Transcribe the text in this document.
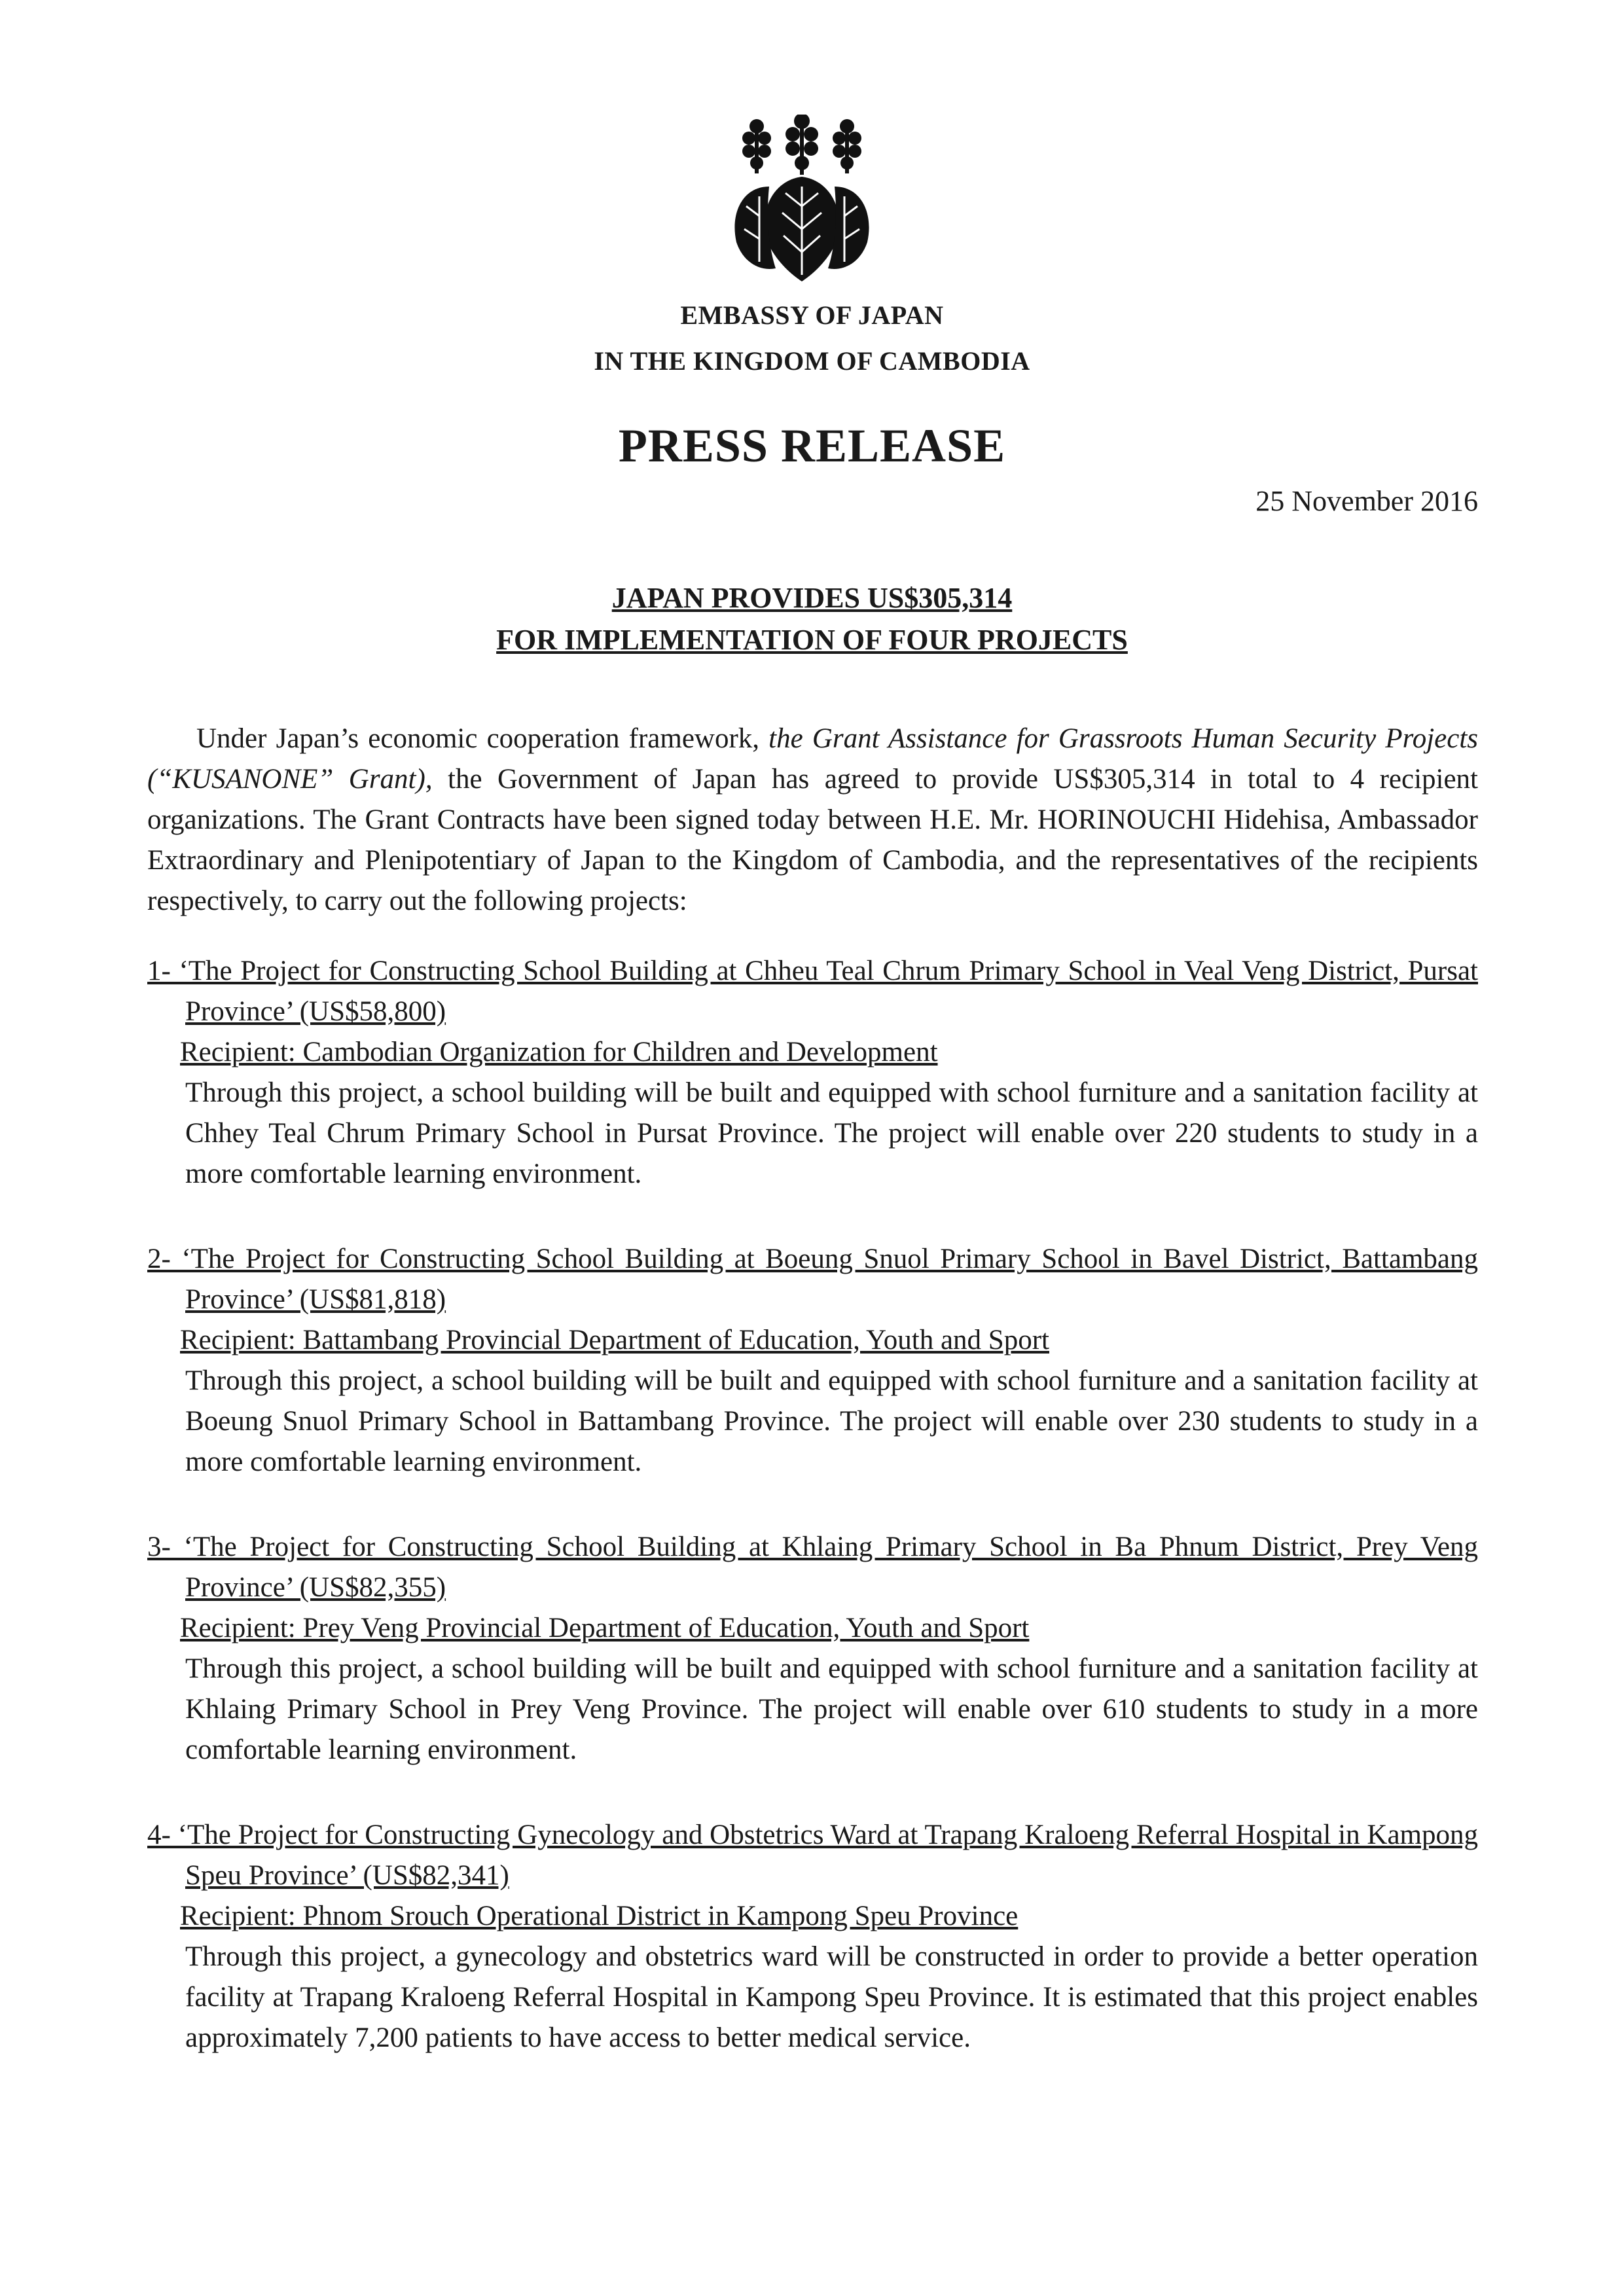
EMBASSY OF JAPAN
IN THE KINGDOM OF CAMBODIA
PRESS RELEASE
25 November 2016
JAPAN PROVIDES US$305,314
FOR IMPLEMENTATION OF FOUR PROJECTS

Under Japan’s economic cooperation framework, the Grant Assistance for Grassroots Human Security Projects (“KUSANONE” Grant), the Government of Japan has agreed to provide US$305,314 in total to 4 recipient organizations. The Grant Contracts have been signed today between H.E. Mr. HORINOUCHI Hidehisa, Ambassador Extraordinary and Plenipotentiary of Japan to the Kingdom of Cambodia, and the representatives of the recipients respectively, to carry out the following projects:

1- ‘The Project for Constructing School Building at Chheu Teal Chrum Primary School in Veal Veng District, Pursat Province’ (US$58,800)

Recipient: Cambodian Organization for Children and Development

Through this project, a school building will be built and equipped with school furniture and a sanitation facility at Chhey Teal Chrum Primary School in Pursat Province. The project will enable over 220 students to study in a more comfortable learning environment.

2- ‘The Project for Constructing School Building at Boeung Snuol Primary School in Bavel District, Battambang Province’ (US$81,818)

Recipient: Battambang Provincial Department of Education, Youth and Sport

Through this project, a school building will be built and equipped with school furniture and a sanitation facility at Boeung Snuol Primary School in Battambang Province. The project will enable over 230 students to study in a more comfortable learning environment.

3- ‘The Project for Constructing School Building at Khlaing Primary School in Ba Phnum District, Prey Veng Province’ (US$82,355)

Recipient: Prey Veng Provincial Department of Education, Youth and Sport

Through this project, a school building will be built and equipped with school furniture and a sanitation facility at Khlaing Primary School in Prey Veng Province. The project will enable over 610 students to study in a more comfortable learning environment.

4- ‘The Project for Constructing Gynecology and Obstetrics Ward at Trapang Kraloeng Referral Hospital in Kampong Speu Province’ (US$82,341)

Recipient: Phnom Srouch Operational District in Kampong Speu Province

Through this project, a gynecology and obstetrics ward will be constructed in order to provide a better operation facility at Trapang Kraloeng Referral Hospital in Kampong Speu Province. It is estimated that this project enables approximately 7,200 patients to have access to better medical service.
